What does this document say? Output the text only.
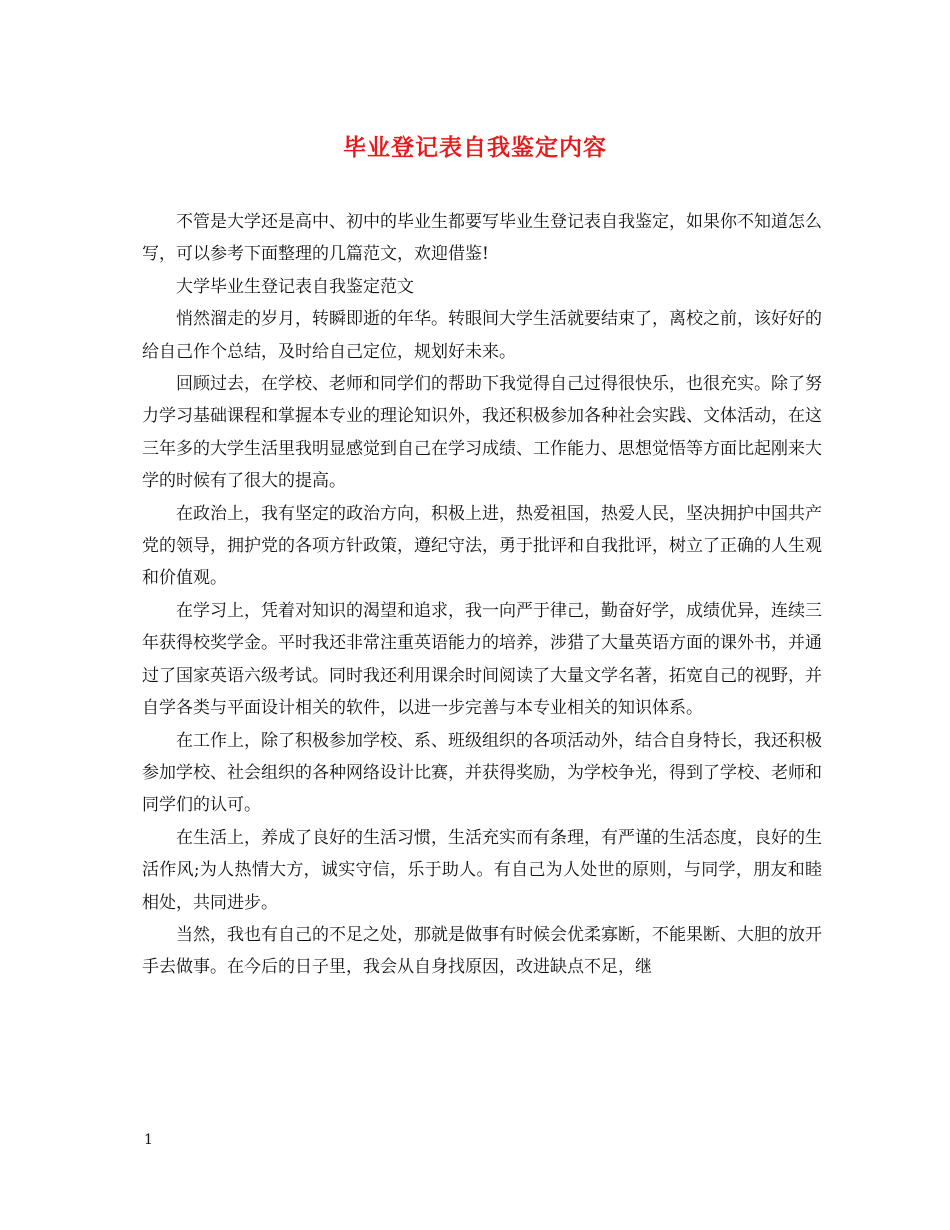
毕业登记表自我鉴定内容

不管是大学还是高中、初中的毕业生都要写毕业生登记表自我鉴定，如果你不知道怎么写，可以参考下面整理的几篇范文，欢迎借鉴!

大学毕业生登记表自我鉴定范文

悄然溜走的岁月，转瞬即逝的年华。转眼间大学生活就要结束了，离校之前，该好好的给自己作个总结，及时给自己定位，规划好未来。

回顾过去，在学校、老师和同学们的帮助下我觉得自己过得很快乐，也很充实。除了努力学习基础课程和掌握本专业的理论知识外，我还积极参加各种社会实践、文体活动，在这三年多的大学生活里我明显感觉到自己在学习成绩、工作能力、思想觉悟等方面比起刚来大学的时候有了很大的提高。

在政治上，我有坚定的政治方向，积极上进，热爱祖国，热爱人民，坚决拥护中国共产党的领导，拥护党的各项方针政策，遵纪守法，勇于批评和自我批评，树立了正确的人生观和价值观。

在学习上，凭着对知识的渴望和追求，我一向严于律己，勤奋好学，成绩优异，连续三年获得校奖学金。平时我还非常注重英语能力的培养，涉猎了大量英语方面的课外书，并通过了国家英语六级考试。同时我还利用课余时间阅读了大量文学名著，拓宽自己的视野，并自学各类与平面设计相关的软件，以进一步完善与本专业相关的知识体系。

在工作上，除了积极参加学校、系、班级组织的各项活动外，结合自身特长，我还积极参加学校、社会组织的各种网络设计比赛，并获得奖励，为学校争光，得到了学校、老师和同学们的认可。

在生活上，养成了良好的生活习惯，生活充实而有条理，有严谨的生活态度，良好的生活作风;为人热情大方，诚实守信，乐于助人。有自己为人处世的原则，与同学，朋友和睦相处，共同进步。

当然，我也有自己的不足之处，那就是做事有时候会优柔寡断，不能果断、大胆的放开手去做事。在今后的日子里，我会从自身找原因，改进缺点不足，继

1
